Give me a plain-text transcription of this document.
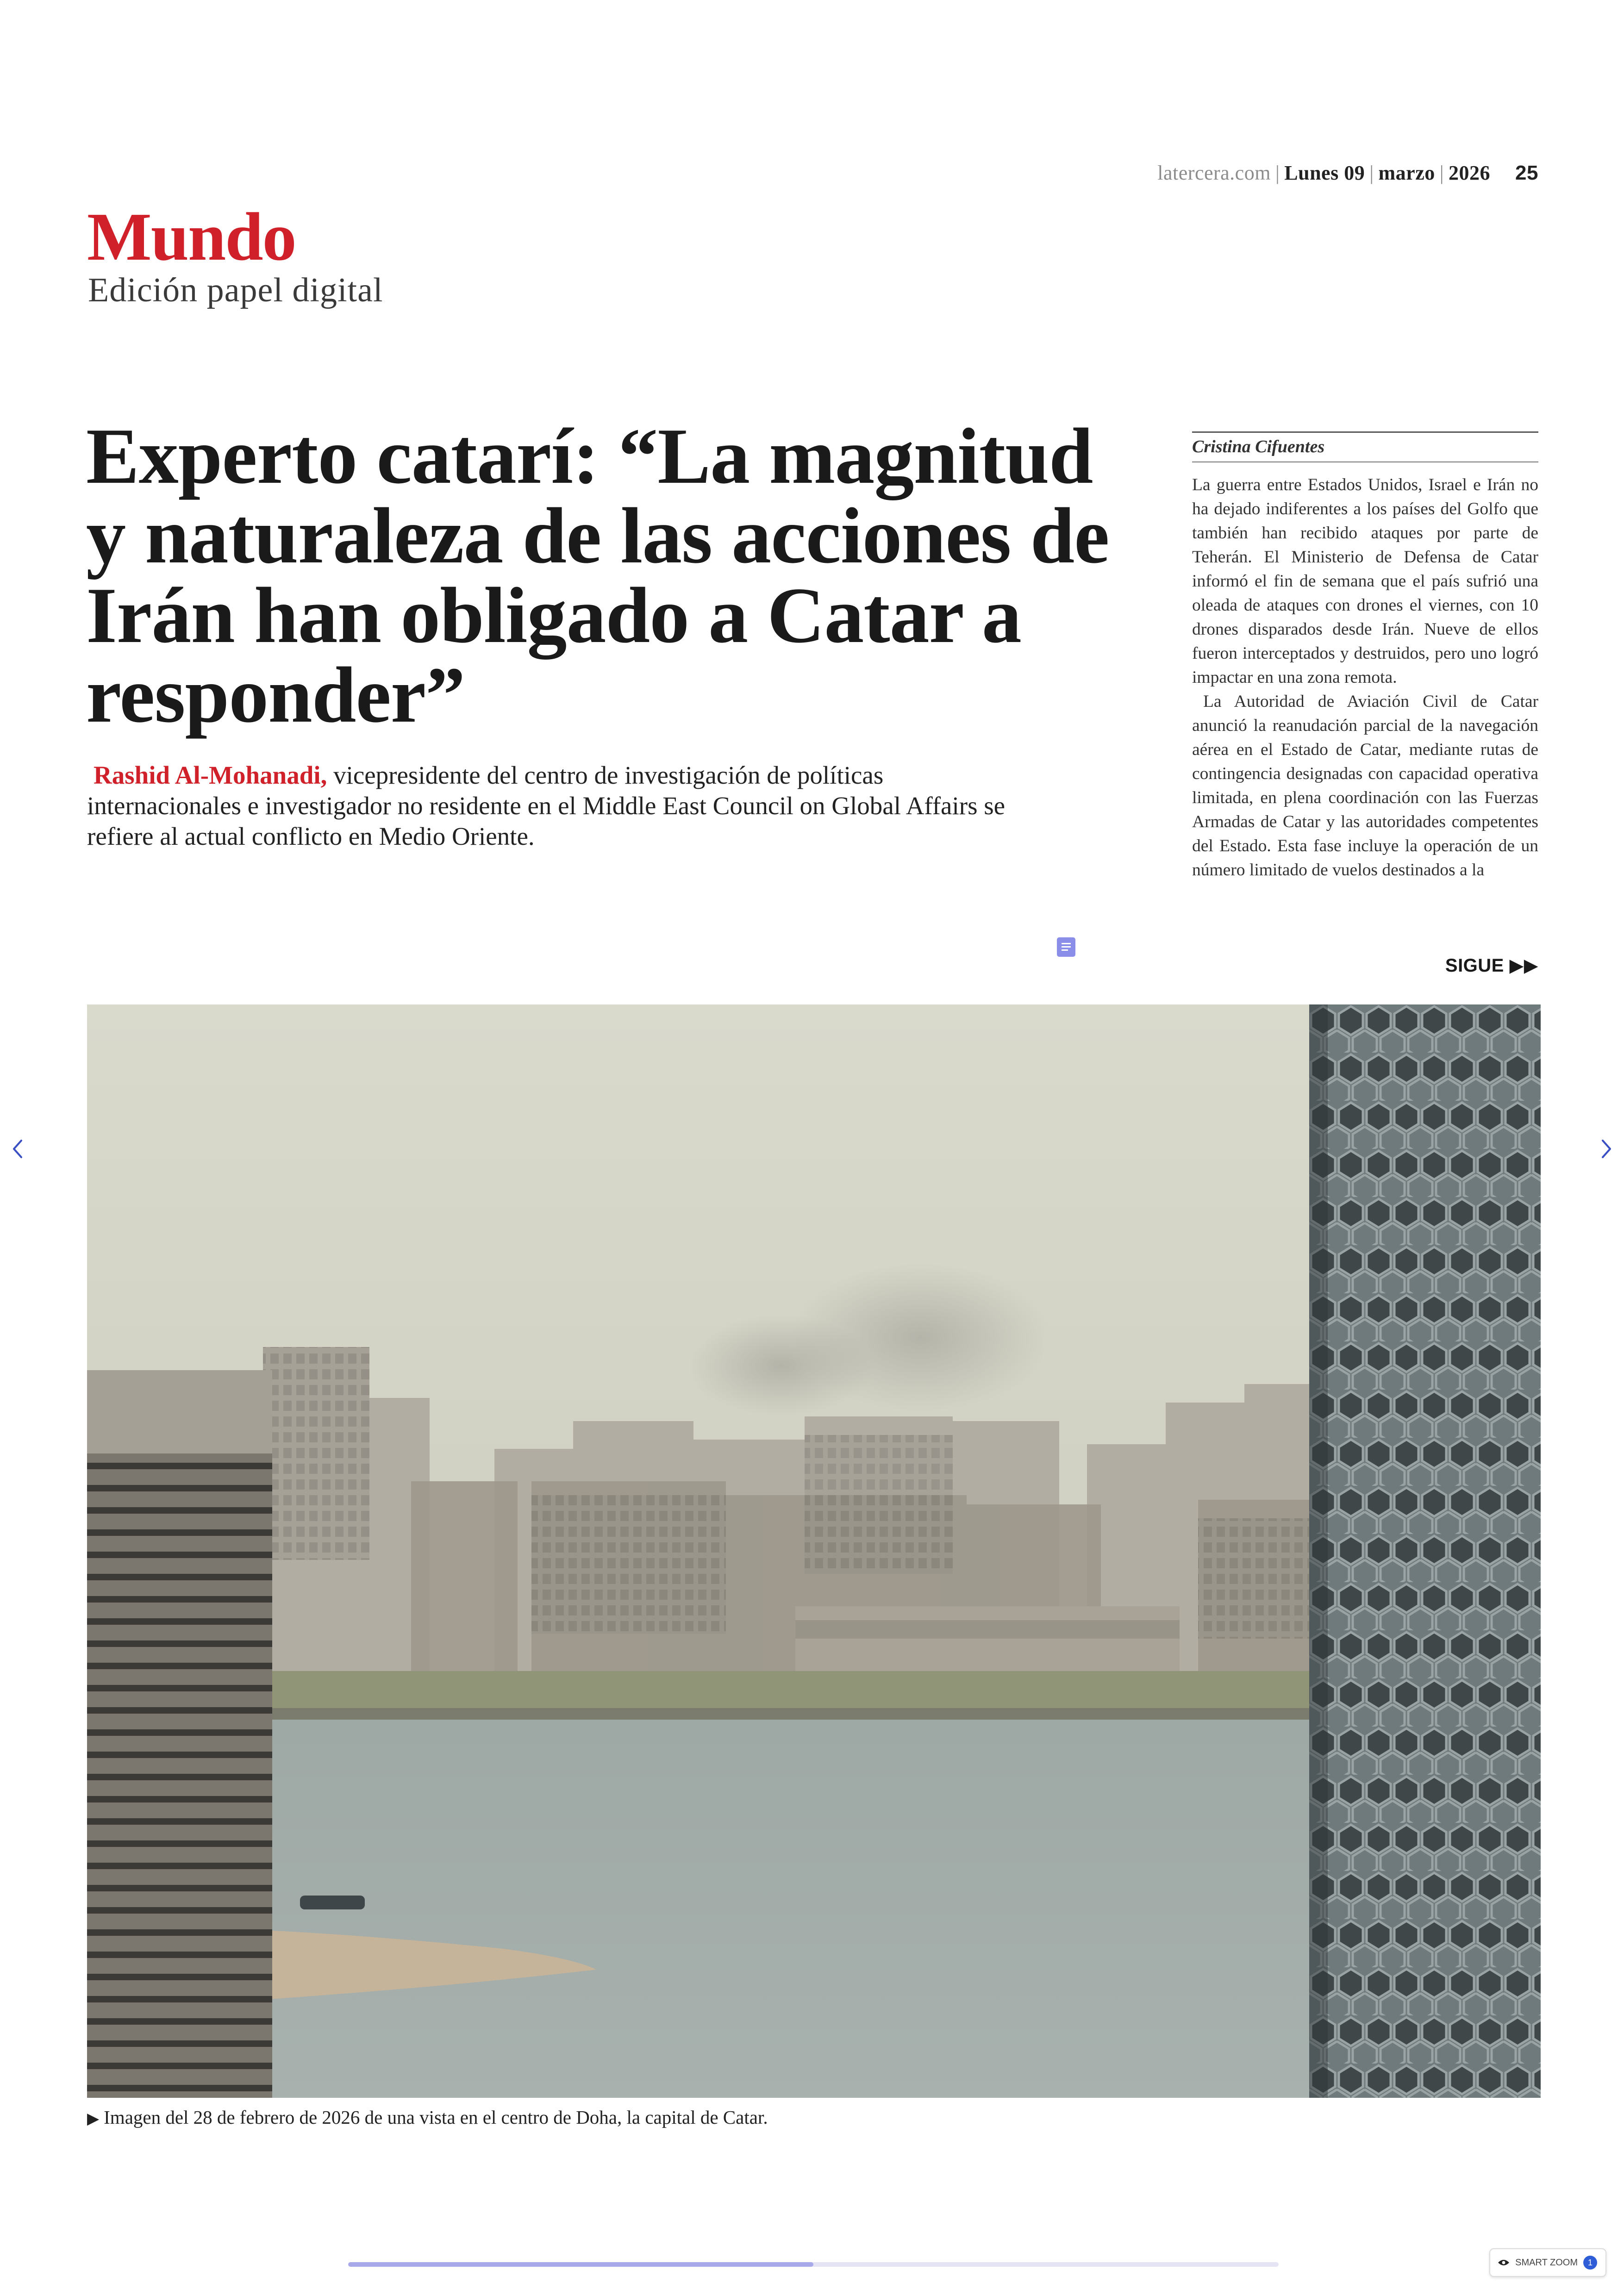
latercera.com | Lunes 09 | marzo | 2026 25
Mundo
Edición papel digital
Experto catarí: “La magnitud y naturaleza de las acciones de Irán han obligado a Catar a responder”

Rashid Al-Mohanadi, vicepresidente del centro de investigación de políticas internacionales e investigador no residente en el Middle East Council on Global Affairs se refiere al actual conflicto en Medio Oriente.

Cristina Cifuentes

La guerra entre Estados Unidos, Israel e Irán no ha dejado indiferentes a los países del Golfo que también han recibido ataques por parte de Teherán. El Ministerio de Defensa de Catar informó el fin de semana que el país sufrió una oleada de ataques con drones el viernes, con 10 drones disparados desde Irán. Nueve de ellos fueron interceptados y destruidos, pero uno logró impactar en una zona remota.

La Autoridad de Aviación Civil de Catar anunció la reanudación parcial de la navegación aérea en el Estado de Catar, mediante rutas de contingencia designadas con capacidad operativa limitada, en plena coordinación con las Fuerzas Armadas de Catar y las autoridades competentes del Estado. Esta fase incluye la operación de un número limitado de vuelos destinados a la

SIGUE ▶▶
▶ Imagen del 28 de febrero de 2026 de una vista en el centro de Doha, la capital de Catar.
SMART ZOOM	1
